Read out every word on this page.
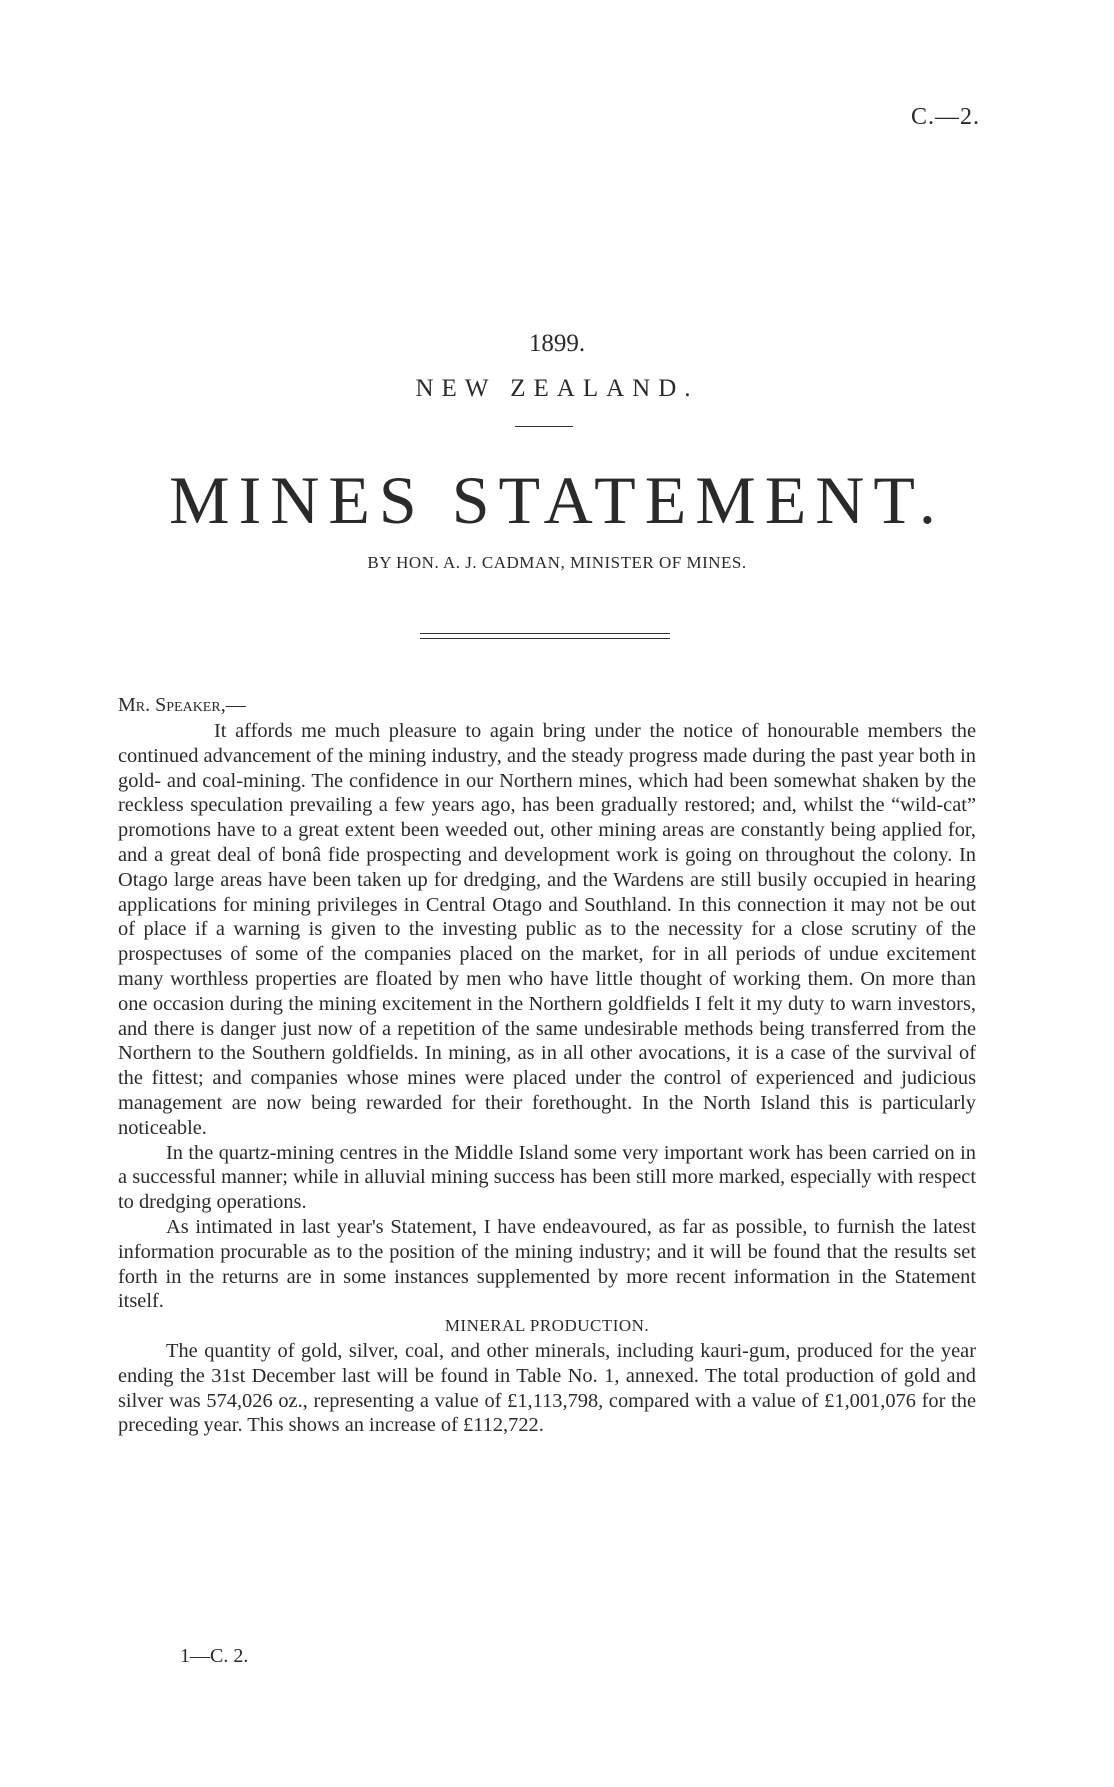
C.—2.
1899.
NEW ZEALAND.
MINES STATEMENT.
BY HON. A. J. CADMAN, MINISTER OF MINES.
Mr. Speaker,—

It affords me much pleasure to again bring under the notice of honourable members the continued advancement of the mining industry, and the steady progress made during the past year both in gold- and coal-mining. The confidence in our Northern mines, which had been somewhat shaken by the reckless speculation prevailing a few years ago, has been gradually restored; and, whilst the “wild-cat” promotions have to a great extent been weeded out, other mining areas are constantly being applied for, and a great deal of bonâ fide prospecting and development work is going on throughout the colony. In Otago large areas have been taken up for dredging, and the Wardens are still busily occupied in hearing applications for mining privileges in Central Otago and Southland. In this connection it may not be out of place if a warning is given to the investing public as to the necessity for a close scrutiny of the prospectuses of some of the companies placed on the market, for in all periods of undue excitement many worthless properties are floated by men who have little thought of working them. On more than one occasion during the mining excitement in the Northern goldfields I felt it my duty to warn investors, and there is danger just now of a repetition of the same undesirable methods being transferred from the Northern to the Southern goldfields. In mining, as in all other avocations, it is a case of the survival of the fittest; and companies whose mines were placed under the control of experienced and judicious management are now being rewarded for their forethought. In the North Island this is particularly noticeable.

In the quartz-mining centres in the Middle Island some very important work has been carried on in a successful manner; while in alluvial mining success has been still more marked, especially with respect to dredging operations.

As intimated in last year's Statement, I have endeavoured, as far as possible, to furnish the latest information procurable as to the position of the mining industry; and it will be found that the results set forth in the returns are in some instances supplemented by more recent information in the Statement itself.

MINERAL PRODUCTION.

The quantity of gold, silver, coal, and other minerals, including kauri-gum, produced for the year ending the 31st December last will be found in Table No. 1, annexed. The total production of gold and silver was 574,026 oz., representing a value of £1,113,798, compared with a value of £1,001,076 for the preceding year. This shows an increase of £112,722.

1—C. 2.
